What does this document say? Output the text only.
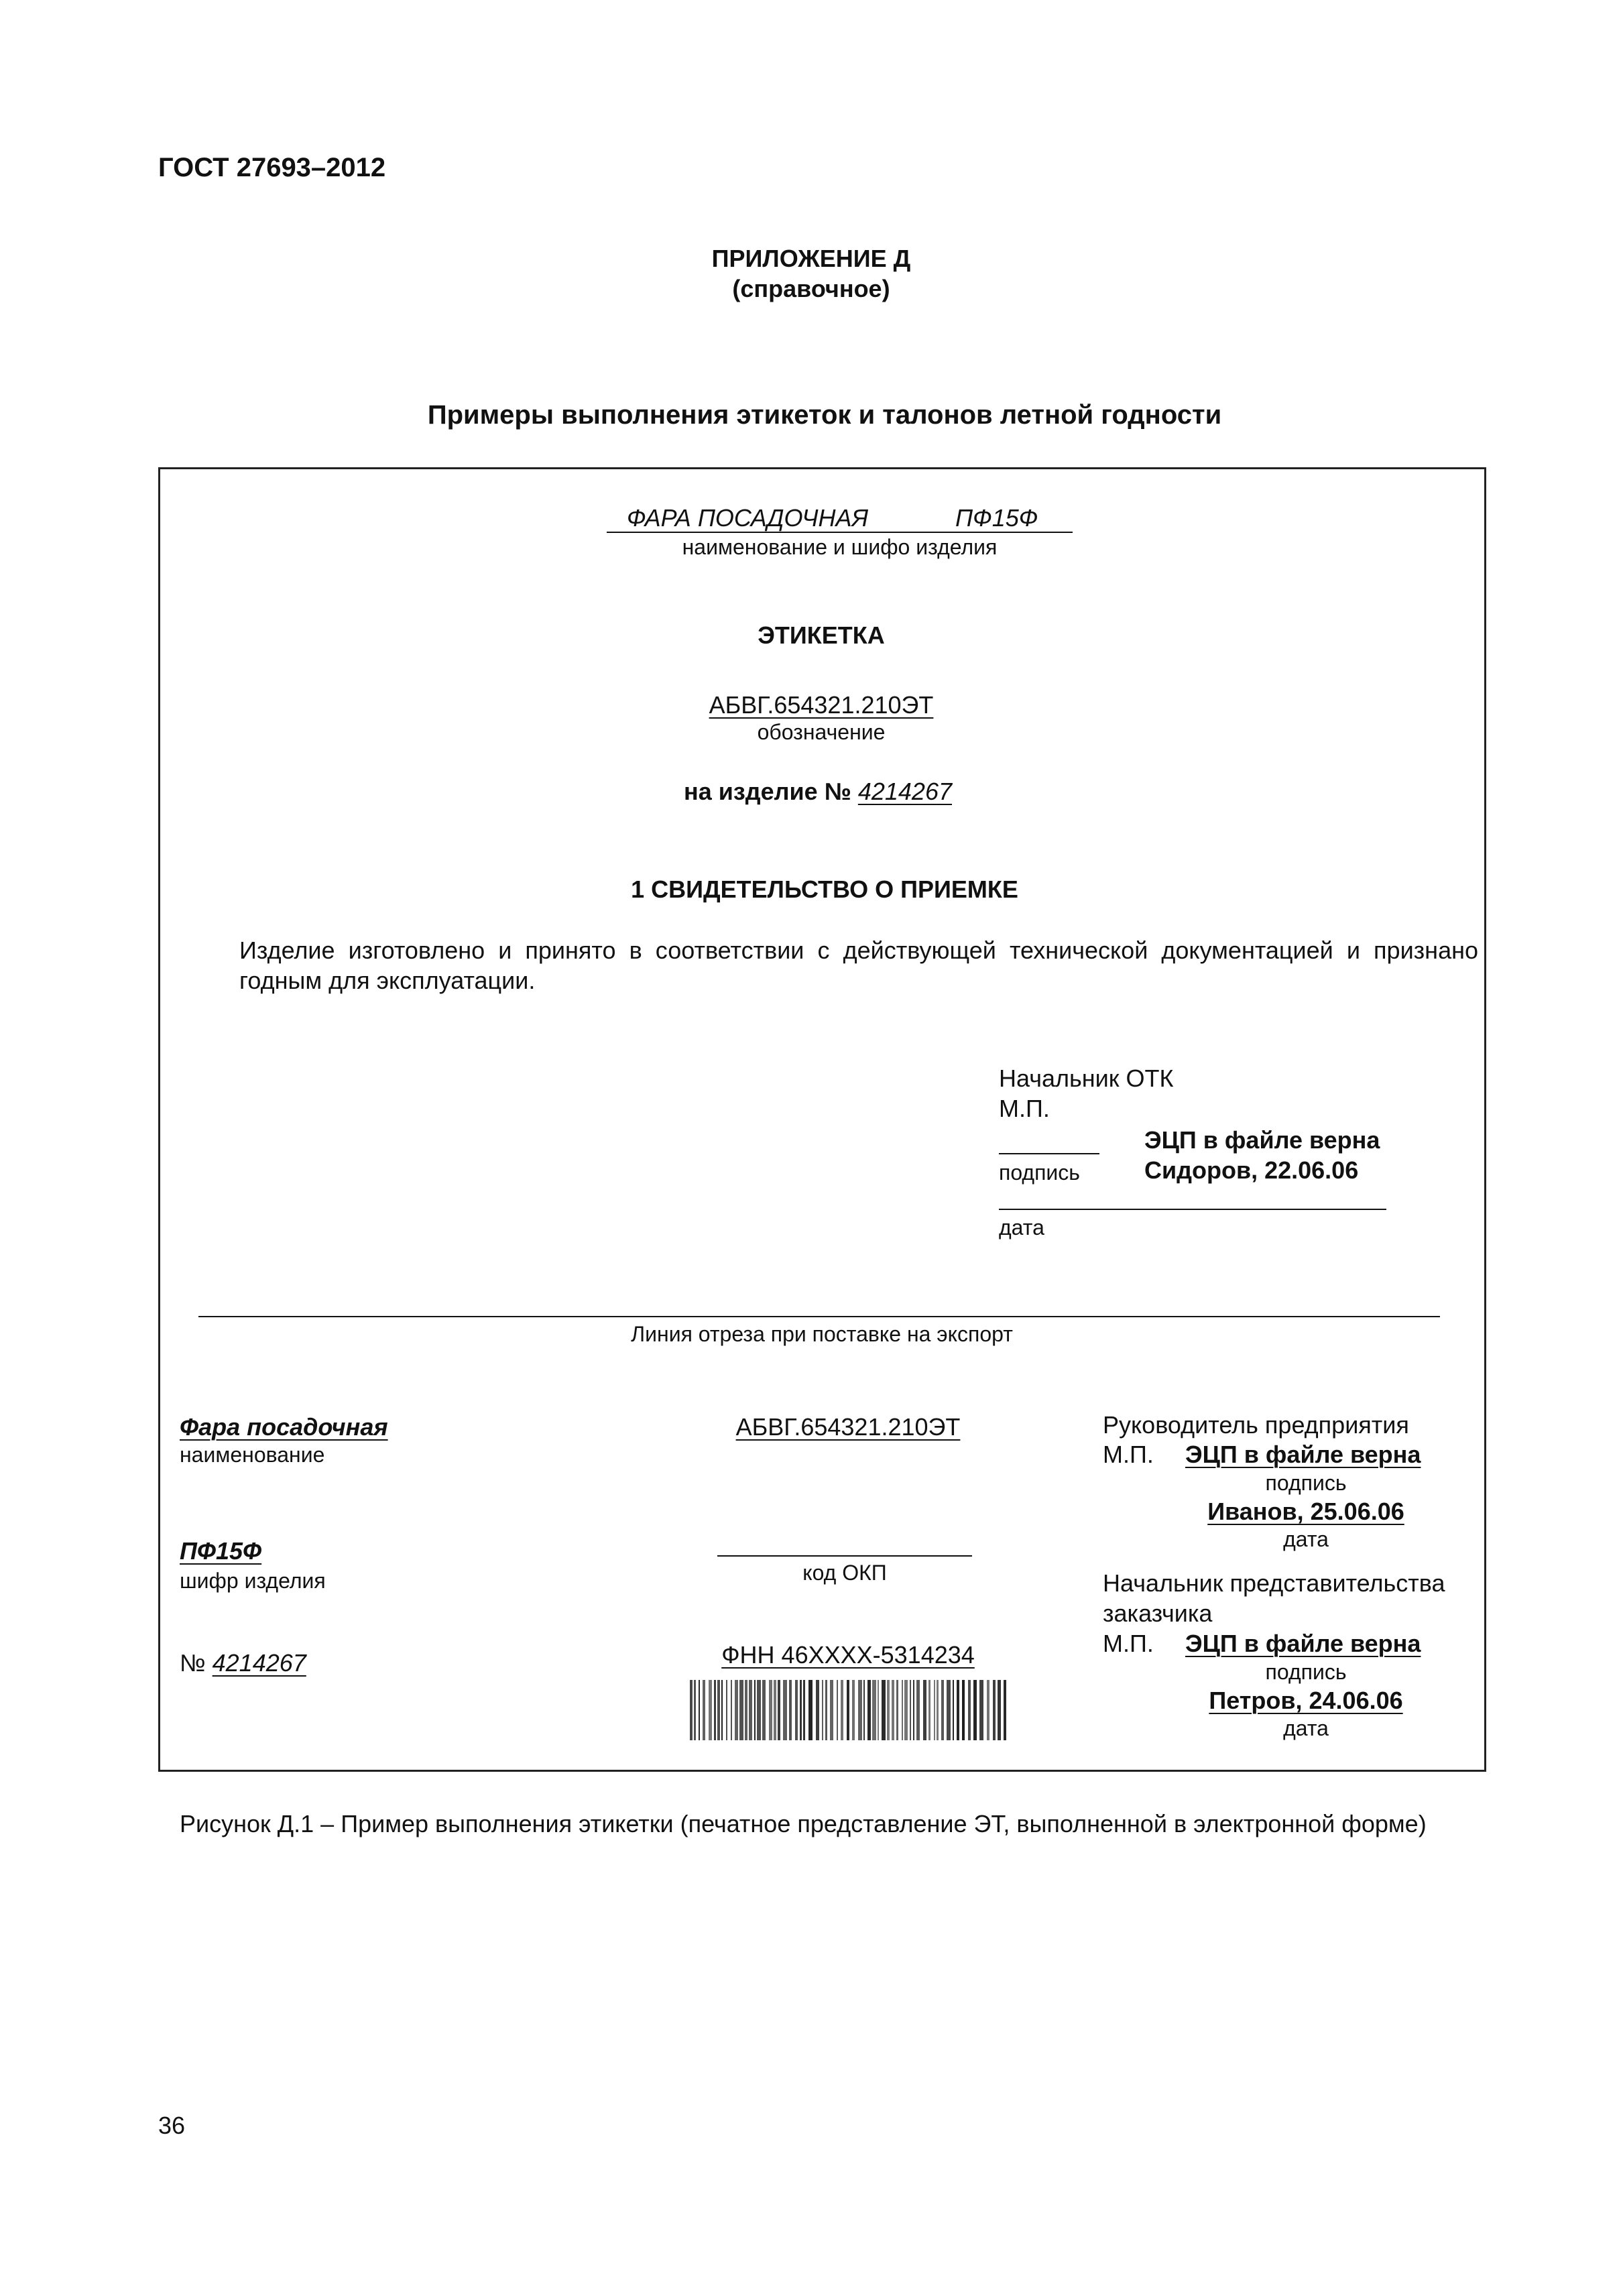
ГОСТ 27693–2012
ПРИЛОЖЕНИЕ Д
(справочное)
Примеры выполнения этикеток и талонов летной годности
ФАРА ПОСАДОЧНАЯ	ПФ15Ф
наименование и шифо изделия
ЭТИКЕТКА
АБВГ.654321.210ЭТ
обозначение
на изделие № 4214267
1 СВИДЕТЕЛЬСТВО О ПРИЕМКЕ
Изделие изготовлено и принято в соответствии с действующей технической документацией и признано
годным для эксплуатации.
Начальник ОТК
М.П.
ЭЦП в файле верна
подпись	Сидоров, 22.06.06
дата
Линия отреза при поставке на экспорт
Фара посадочная
наименование
ПФ15Ф
шифр изделия
№ 4214267
АБВГ.654321.210ЭТ
код ОКП
ФНН 46ХХХХ-5314234
Руководитель предприятия
М.П. ЭЦП в файле верна
подпись
Иванов, 25.06.06
дата
Начальник представительства
заказчика
М.П. ЭЦП в файле верна
подпись
Петров, 24.06.06
дата
Рисунок Д.1 – Пример выполнения этикетки (печатное представление ЭТ, выполненной в электронной форме)
36
